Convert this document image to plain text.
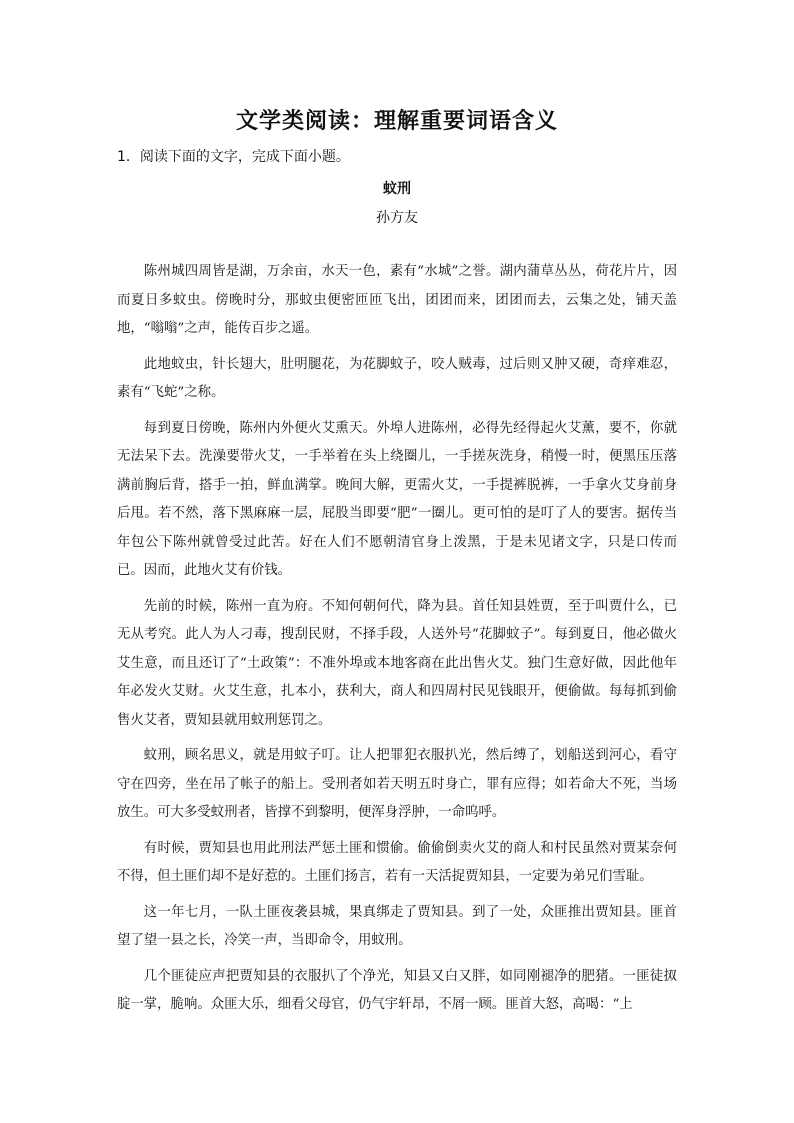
文学类阅读：理解重要词语含义
1．阅读下面的文字，完成下面小题。
蚊刑
孙方友

陈州城四周皆是湖，万余亩，水天一色，素有“水城”之誉。湖内蒲草丛丛，荷花片片，因而夏日多蚊虫。傍晚时分，那蚊虫便密匝匝飞出，团团而来，团团而去，云集之处，铺天盖地，“嗡嗡”之声，能传百步之遥。

此地蚊虫，针长翅大，肚明腿花，为花脚蚊子，咬人贼毒，过后则又肿又硬，奇痒难忍，素有“飞蛇”之称。

每到夏日傍晚，陈州内外便火艾熏天。外埠人进陈州，必得先经得起火艾薰，要不，你就无法呆下去。洗澡要带火艾，一手举着在头上绕圈儿，一手搓灰洗身，稍慢一时，便黑压压落满前胸后背，搭手一拍，鲜血满掌。晚间大解，更需火艾，一手提裤脱裤，一手拿火艾身前身后甩。若不然，落下黑麻麻一层，屁股当即要“肥”一圈儿。更可怕的是叮了人的要害。据传当年包公下陈州就曾受过此苦。好在人们不愿朝清官身上泼黑，于是未见诸文字，只是口传而已。因而，此地火艾有价钱。

先前的时候，陈州一直为府。不知何朝何代，降为县。首任知县姓贾，至于叫贾什么，已无从考究。此人为人刁毒，搜刮民财，不择手段，人送外号“花脚蚊子”。每到夏日，他必做火艾生意，而且还订了“土政策”：不准外埠或本地客商在此出售火艾。独门生意好做，因此他年年必发火艾财。火艾生意，扎本小，获利大，商人和四周村民见钱眼开，便偷做。每每抓到偷售火艾者，贾知县就用蚊刑惩罚之。

蚊刑，顾名思义，就是用蚊子叮。让人把罪犯衣服扒光，然后缚了，划船送到河心，看守守在四旁，坐在吊了帐子的船上。受刑者如若天明五时身亡，罪有应得；如若命大不死，当场放生。可大多受蚊刑者，皆撑不到黎明，便浑身浮肿，一命呜呼。

有时候，贾知县也用此刑法严惩土匪和惯偷。偷偷倒卖火艾的商人和村民虽然对贾某奈何不得，但土匪们却不是好惹的。土匪们扬言，若有一天活捉贾知县，一定要为弟兄们雪耻。

这一年七月，一队土匪夜袭县城，果真绑走了贾知县。到了一处，众匪推出贾知县。匪首望了望一县之长，冷笑一声，当即命令，用蚊刑。

几个匪徒应声把贾知县的衣服扒了个净光，知县又白又胖，如同刚褪净的肥猪。一匪徒㧐腚一掌，脆响。众匪大乐，细看父母官，仍气宇轩昂，不屑一顾。匪首大怒，高喝：“上
